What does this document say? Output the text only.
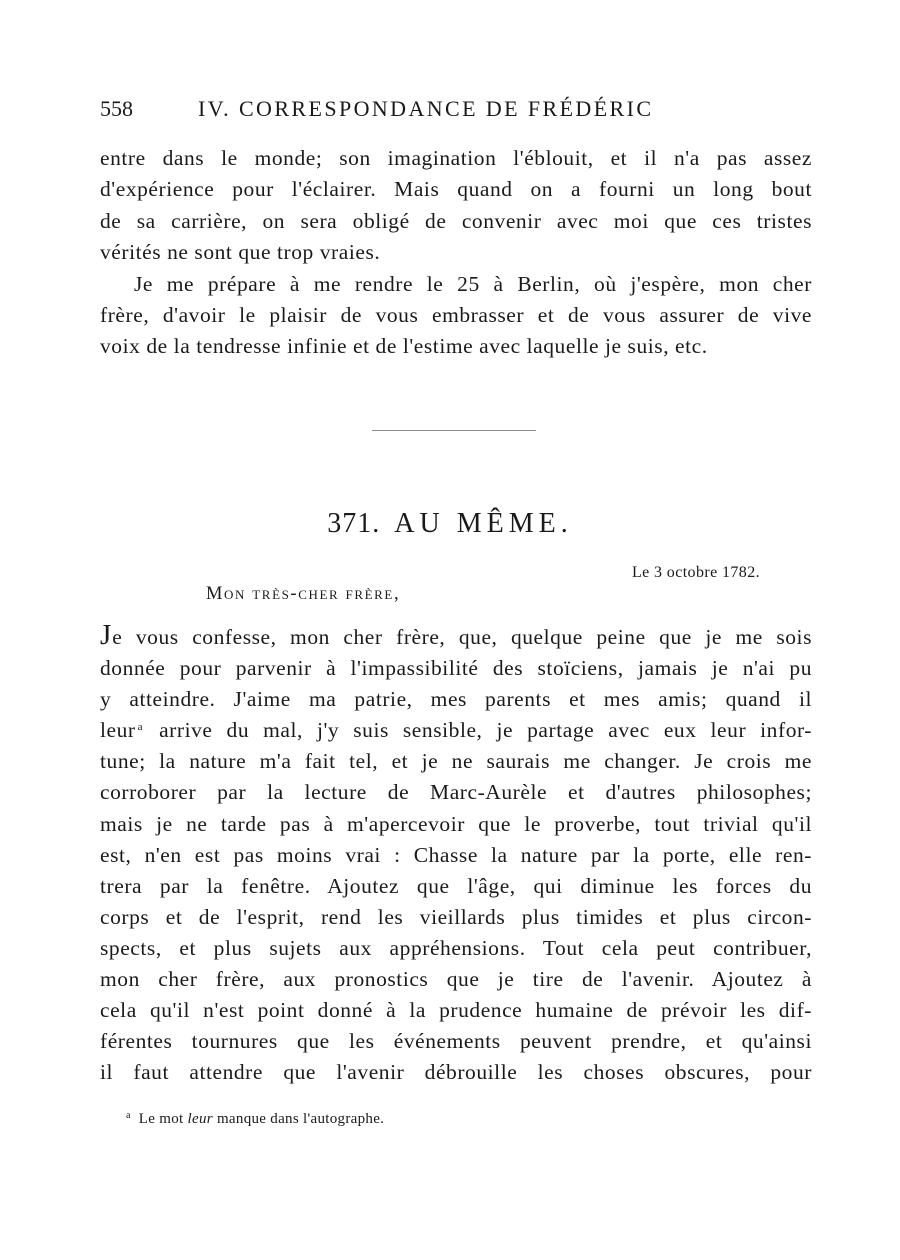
558	IV. CORRESPONDANCE DE FRÉDÉRIC
entre dans le monde; son imagination l'éblouit, et il n'a pas assez
d'expérience pour l'éclairer. Mais quand on a fourni un long bout
de sa carrière, on sera obligé de convenir avec moi que ces tristes
vérités ne sont que trop vraies.
Je me prépare à me rendre le 25 à Berlin, où j'espère, mon cher
frère, d'avoir le plaisir de vous embrasser et de vous assurer de vive
voix de la tendresse infinie et de l'estime avec laquelle je suis, etc.
371. AU MÊME.
Le 3 octobre 1782.
Mon très-cher frère,
Je vous confesse, mon cher frère, que, quelque peine que je me sois
donnée pour parvenir à l'impassibilité des stoïciens, jamais je n'ai pu
y atteindre. J'aime ma patrie, mes parents et mes amis; quand il
leur $^a$ arrive du mal, j'y suis sensible, je partage avec eux leur infor-
tune; la nature m'a fait tel, et je ne saurais me changer. Je crois me
corroborer par la lecture de Marc-Aurèle et d'autres philosophes;
mais je ne tarde pas à m'apercevoir que le proverbe, tout trivial qu'il
est, n'en est pas moins vrai : Chasse la nature par la porte, elle ren-
trera par la fenêtre. Ajoutez que l'âge, qui diminue les forces du
corps et de l'esprit, rend les vieillards plus timides et plus circon-
spects, et plus sujets aux appréhensions. Tout cela peut contribuer,
mon cher frère, aux pronostics que je tire de l'avenir. Ajoutez à
cela qu'il n'est point donné à la prudence humaine de prévoir les dif-
férentes tournures que les événements peuvent prendre, et qu'ainsi
il faut attendre que l'avenir débrouille les choses obscures, pour
$^a$ Le mot leur manque dans l'autographe.
